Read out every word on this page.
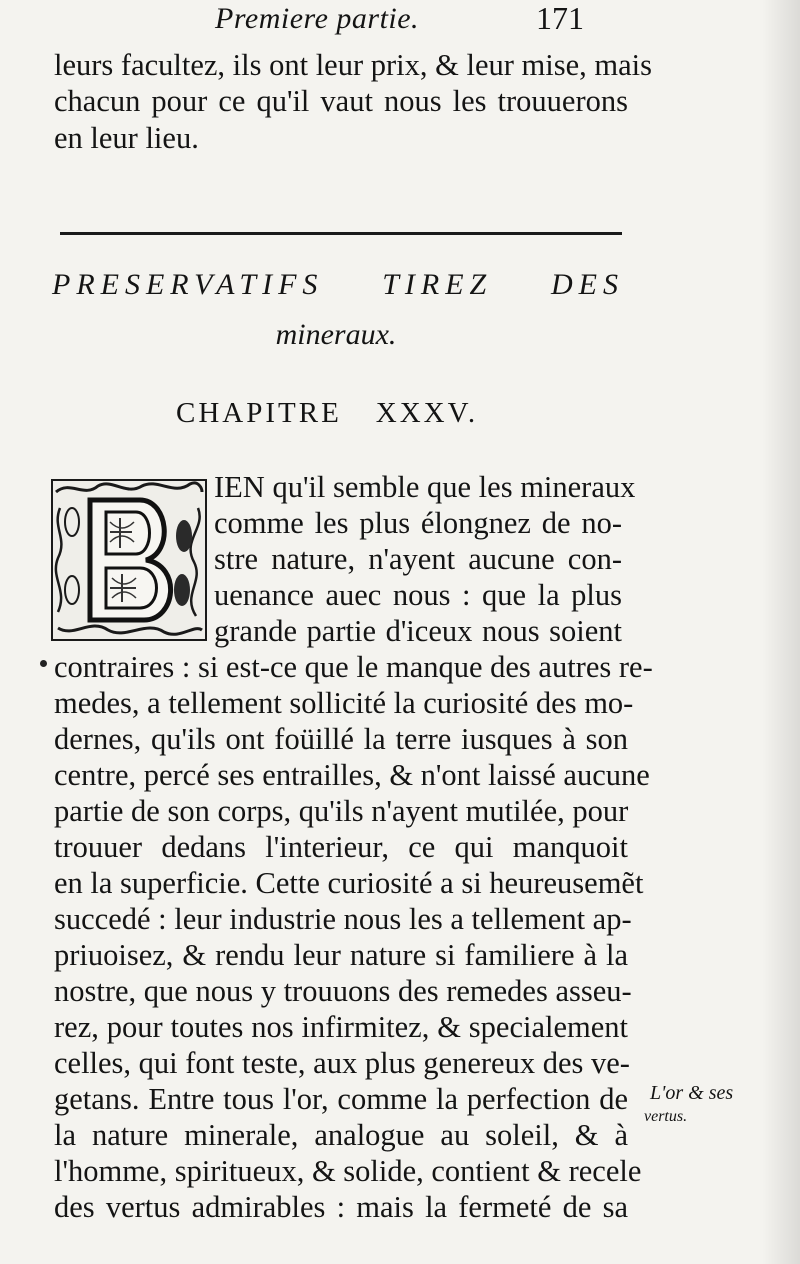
Premiere partie.	171
leurs facultez, ils ont leur prix, & leur mise, mais
chacun pour ce qu'il vaut nous les trouuerons
en leur lieu.
PRESERVATIFS TIREZ DES
mineraux.
CHAPITRE XXXV.
IEN qu'il semble que les mineraux
comme les plus élongnez de no-
stre nature, n'ayent aucune con-
uenance auec nous : que la plus
grande partie d'iceux nous soient
contraires : si est-ce que le manque des autres re-
medes, a tellement sollicité la curiosité des mo-
dernes, qu'ils ont foüillé la terre iusques à son
centre, percé ses entrailles, & n'ont laissé aucune
partie de son corps, qu'ils n'ayent mutilée, pour
trouuer dedans l'interieur, ce qui manquoit
en la superficie. Cette curiosité a si heureusemẽt
succedé : leur industrie nous les a tellement ap-
priuoisez, & rendu leur nature si familiere à la
nostre, que nous y trouuons des remedes asseu-
rez, pour toutes nos infirmitez, & specialement
celles, qui font teste, aux plus genereux des ve-
getans. Entre tous l'or, comme la perfection de
la nature minerale, analogue au soleil, & à
l'homme, spiritueux, & solide, contient & recele
des vertus admirables : mais la fermeté de sa
L'or & ses
vertus.
